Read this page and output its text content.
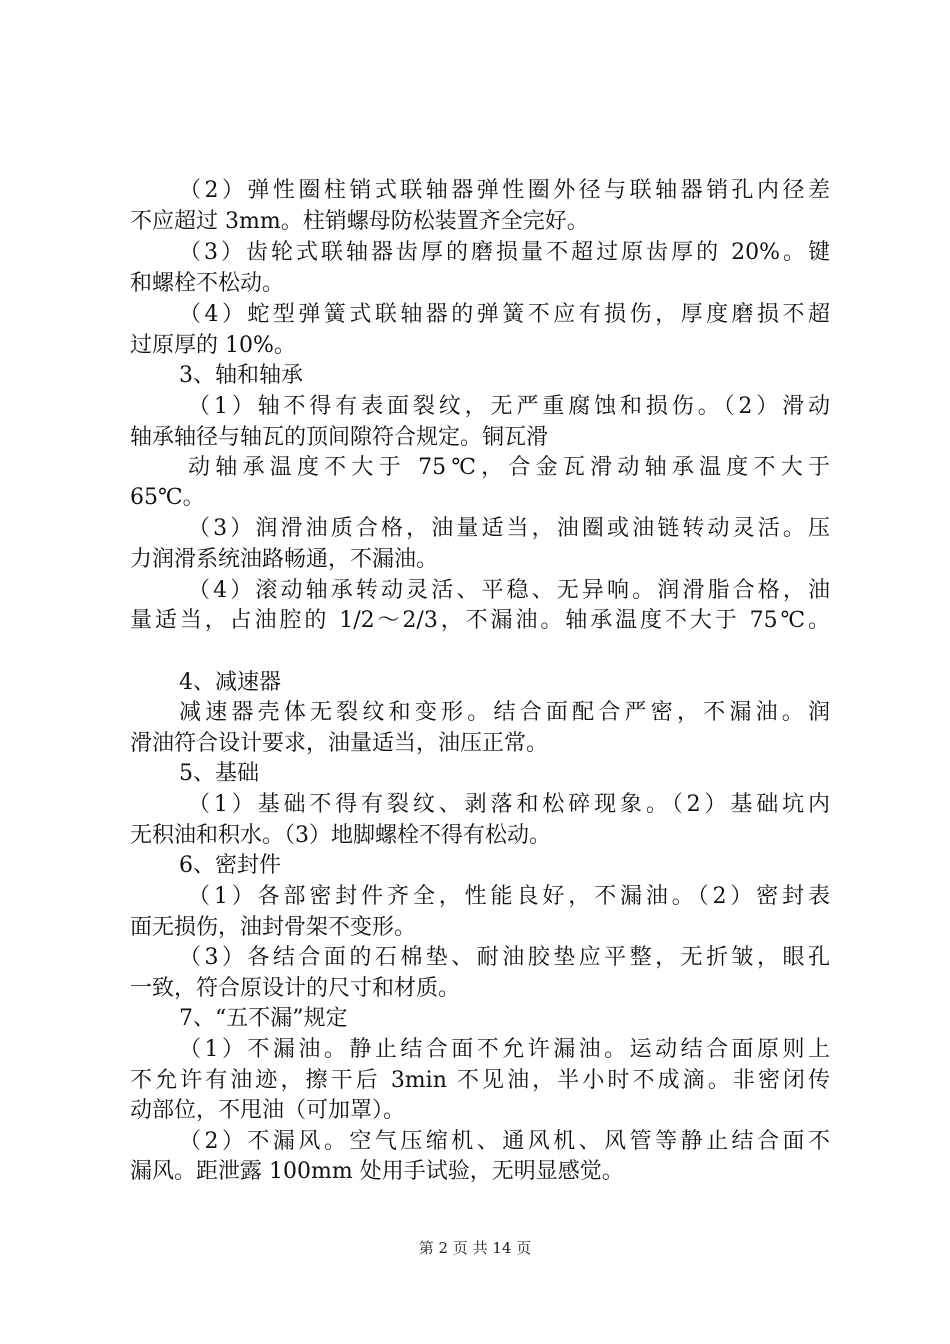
（2）弹性圈柱销式联轴器弹性圈外径与联轴器销孔内径差
不应超过 3mm。柱销螺母防松装置齐全完好。
（3）齿轮式联轴器齿厚的磨损量不超过原齿厚的 20%。键
和螺栓不松动。
（4）蛇型弹簧式联轴器的弹簧不应有损伤，厚度磨损不超
过原厚的 10%。
3、轴和轴承
（1）轴不得有表面裂纹，无严重腐蚀和损伤。（2）滑动
轴承轴径与轴瓦的顶间隙符合规定。铜瓦滑
动轴承温度不大于 75℃，合金瓦滑动轴承温度不大于
65℃。
（3）润滑油质合格，油量适当，油圈或油链转动灵活。压
力润滑系统油路畅通，不漏油。
（4）滚动轴承转动灵活、平稳、无异响。润滑脂合格，油
量适当，占油腔的 1/2～2/3，不漏油。轴承温度不大于 75℃。
4、减速器
减速器壳体无裂纹和变形。结合面配合严密，不漏油。润
滑油符合设计要求，油量适当，油压正常。
5、基础
（1）基础不得有裂纹、剥落和松碎现象。（2）基础坑内
无积油和积水。（3）地脚螺栓不得有松动。
6、密封件
（1）各部密封件齐全，性能良好，不漏油。（2）密封表
面无损伤，油封骨架不变形。
（3）各结合面的石棉垫、耐油胶垫应平整，无折皱，眼孔
一致，符合原设计的尺寸和材质。
7、“五不漏”规定
（1）不漏油。静止结合面不允许漏油。运动结合面原则上
不允许有油迹，擦干后 3min 不见油，半小时不成滴。非密闭传
动部位，不甩油（可加罩）。
（2）不漏风。空气压缩机、通风机、风管等静止结合面不
漏风。距泄露 100mm 处用手试验，无明显感觉。
第 2 页 共 14 页
